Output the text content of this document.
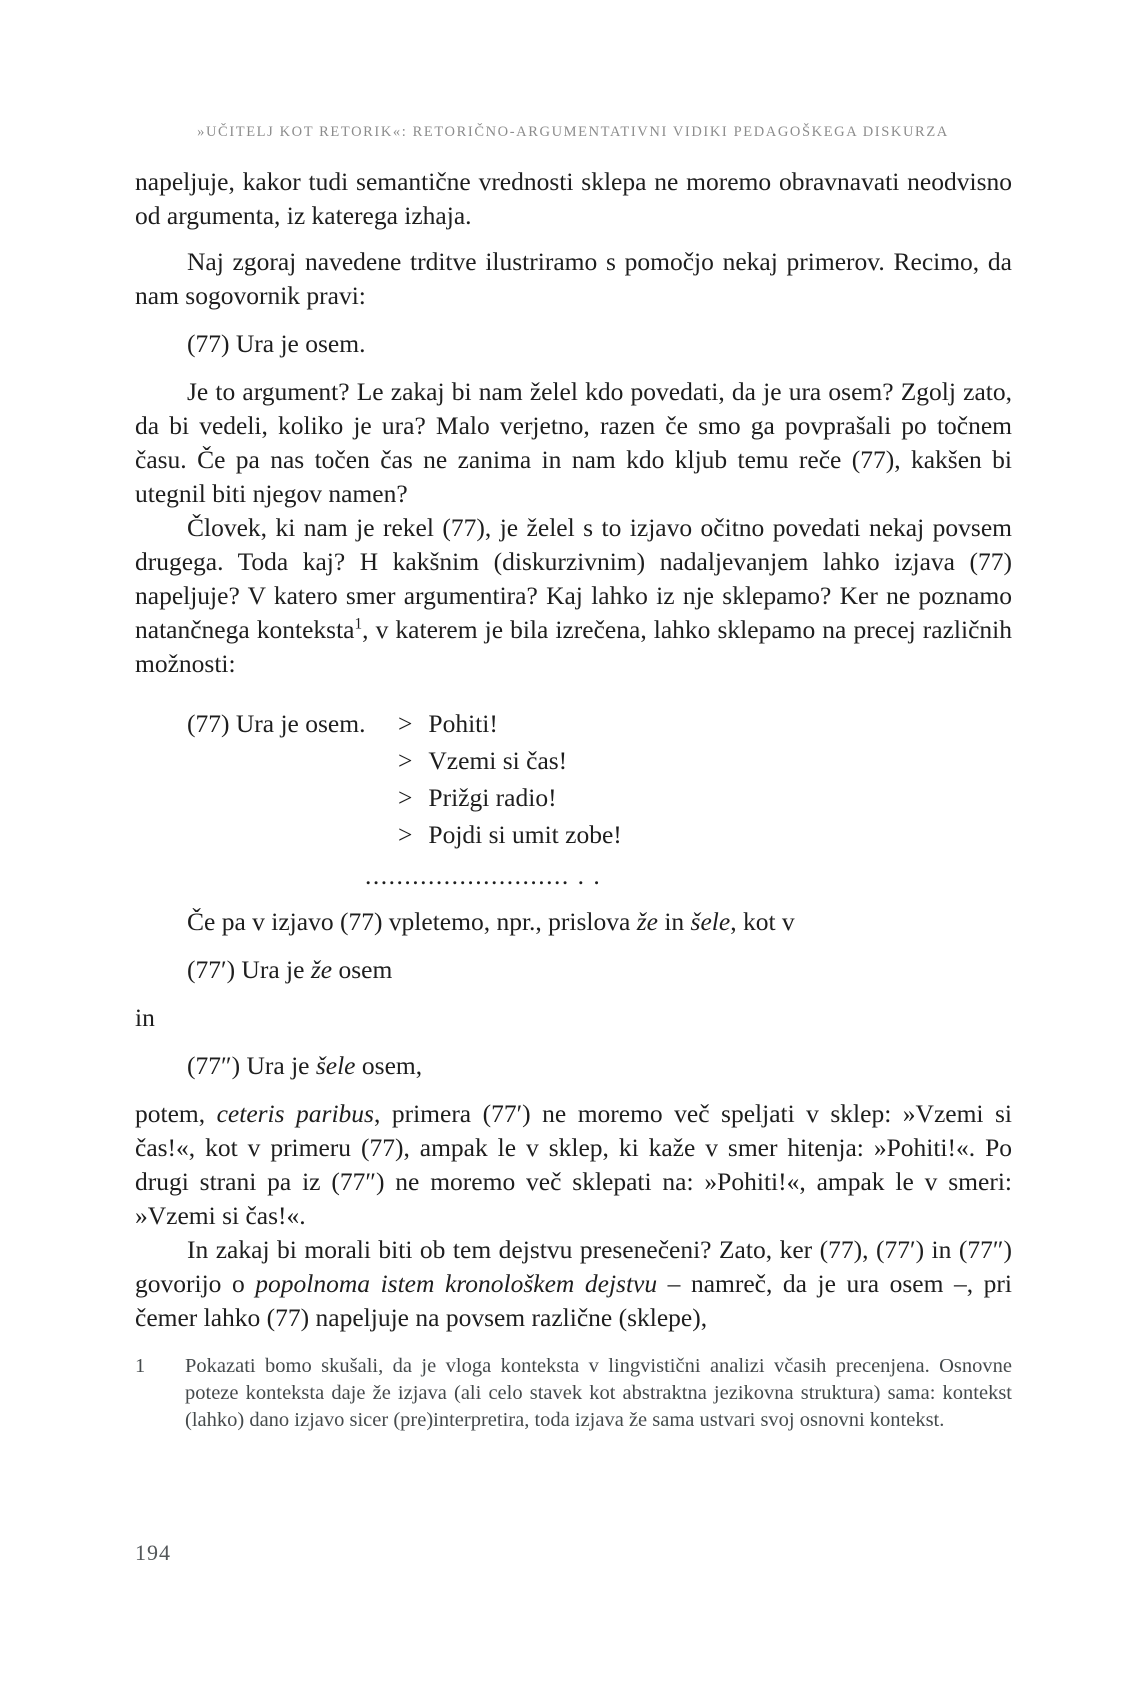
»UČITELJ KOT RETORIK«: RETORIČNO-ARGUMENTATIVNI VIDIKI PEDAGOŠKEGA DISKURZA

napeljuje, kakor tudi semantične vrednosti sklepa ne moremo obravnavati neodvisno od argumenta, iz katerega izhaja.

Naj zgoraj navedene trditve ilustriramo s pomočjo nekaj primerov. Recimo, da nam sogovornik pravi:

(77) Ura je osem.

Je to argument? Le zakaj bi nam želel kdo povedati, da je ura osem? Zgolj zato, da bi vedeli, koliko je ura? Malo verjetno, razen če smo ga povprašali po točnem času. Če pa nas točen čas ne zanima in nam kdo kljub temu reče (77), kakšen bi utegnil biti njegov namen?

Človek, ki nam je rekel (77), je želel s to izjavo očitno povedati nekaj povsem drugega. Toda kaj? H kakšnim (diskurzivnim) nadaljevanjem lahko izjava (77) napeljuje? V katero smer argumentira? Kaj lahko iz nje sklepamo? Ker ne poznamo natančnega konteksta$^1$, v katerem je bila izrečena, lahko sklepamo na precej različnih možnosti:

(77) Ura je osem.	> Pohiti!
> Vzemi si čas!
> Prižgi radio!
> Pojdi si umit zobe!
.......................... . .

Če pa v izjavo (77) vpletemo, npr., prislova že in šele, kot v

(77′) Ura je že osem
in
(77″) Ura je šele osem,

potem, ceteris paribus, primera (77′) ne moremo več speljati v sklep: »Vzemi si čas!«, kot v primeru (77), ampak le v sklep, ki kaže v smer hitenja: »Pohiti!«. Po drugi strani pa iz (77″) ne moremo več sklepati na: »Pohiti!«, ampak le v smeri: »Vzemi si čas!«.

In zakaj bi morali biti ob tem dejstvu presenečeni? Zato, ker (77), (77′) in (77″) govorijo o popolnoma istem kronološkem dejstvu – namreč, da je ura osem –, pri čemer lahko (77) napeljuje na povsem različne (sklepe),

1	Pokazati bomo skušali, da je vloga konteksta v lingvistični analizi včasih precenjena. Osnovne poteze konteksta daje že izjava (ali celo stavek kot abstraktna jezikovna struktura) sama: kontekst (lahko) dano izjavo sicer (pre)interpretira, toda izjava že sama ustvari svoj osnovni kontekst.

194
